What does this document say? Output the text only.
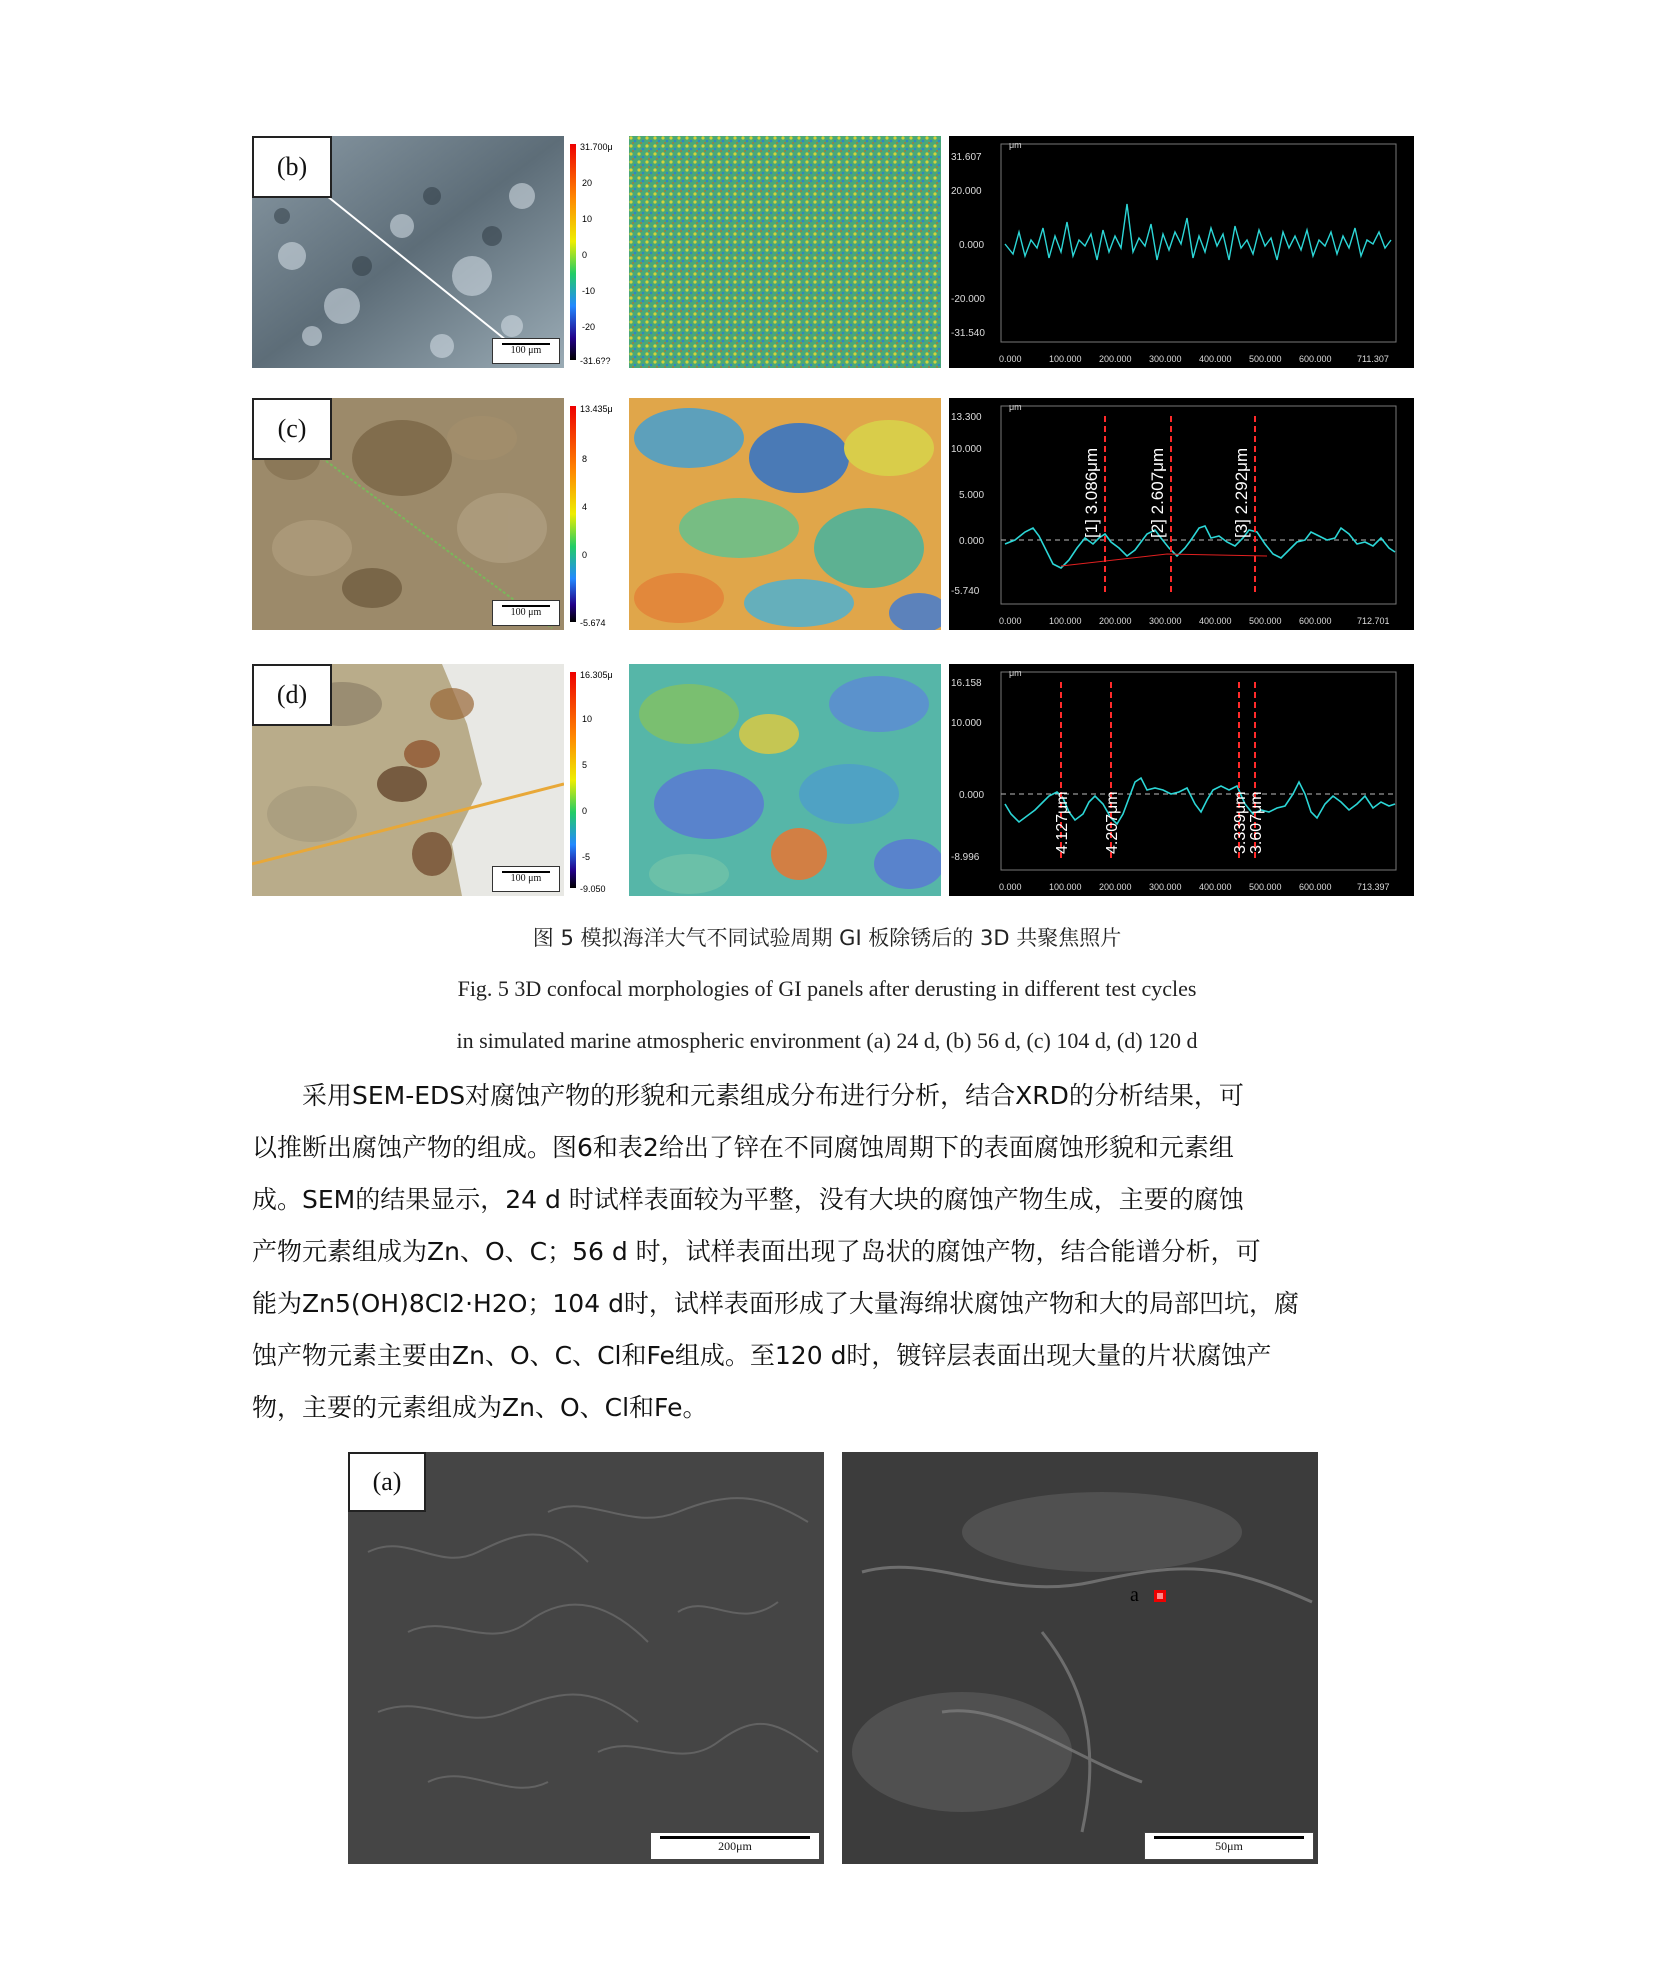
(b)
100 μm
31.700μ
20
10
0
-10
-20
-31.6??
μm
31.607
20.000
0.000
-20.000
-31.540
0.000	100.000 200.000 300.000 400.000 500.000 600.000	711.307
(c)
100 μm
13.435μ
8
4
0
-5.674
μm
13.300
10.000
5.000
0.000
-5.740
[1] 3.086μm	[2] 2.607μm	[3] 2.292μm
0.000	100.000 200.000 300.000 400.000 500.000 600.000	712.701
(d)
100 μm
16.305μ
10
5
0
-5
-9.050
μm
16.158
10.000
0.000
-8.996
4.127μm 4.207μm	3.339μm 3.607μm
0.000	100.000 200.000 300.000 400.000 500.000 600.000	713.397
图 5 模拟海洋大气不同试验周期 GI 板除锈后的 3D 共聚焦照片
Fig. 5 3D confocal morphologies of GI panels after derusting in different test cycles
in simulated marine atmospheric environment (a) 24 d, (b) 56 d, (c) 104 d, (d) 120 d

采用SEM-EDS对腐蚀产物的形貌和元素组成分布进行分析，结合XRD的分析结果，可

以推断出腐蚀产物的组成。图6和表2给出了锌在不同腐蚀周期下的表面腐蚀形貌和元素组

成。SEM的结果显示，24 d 时试样表面较为平整，没有大块的腐蚀产物生成，主要的腐蚀

产物元素组成为Zn、O、C；56 d 时，试样表面出现了岛状的腐蚀产物，结合能谱分析，可

能为Zn5(OH)8Cl2·H2O；104 d时，试样表面形成了大量海绵状腐蚀产物和大的局部凹坑，腐

蚀产物元素主要由Zn、O、C、Cl和Fe组成。至120 d时，镀锌层表面出现大量的片状腐蚀产

物，主要的元素组成为Zn、O、Cl和Fe。

(a)
200μm
a
50μm
